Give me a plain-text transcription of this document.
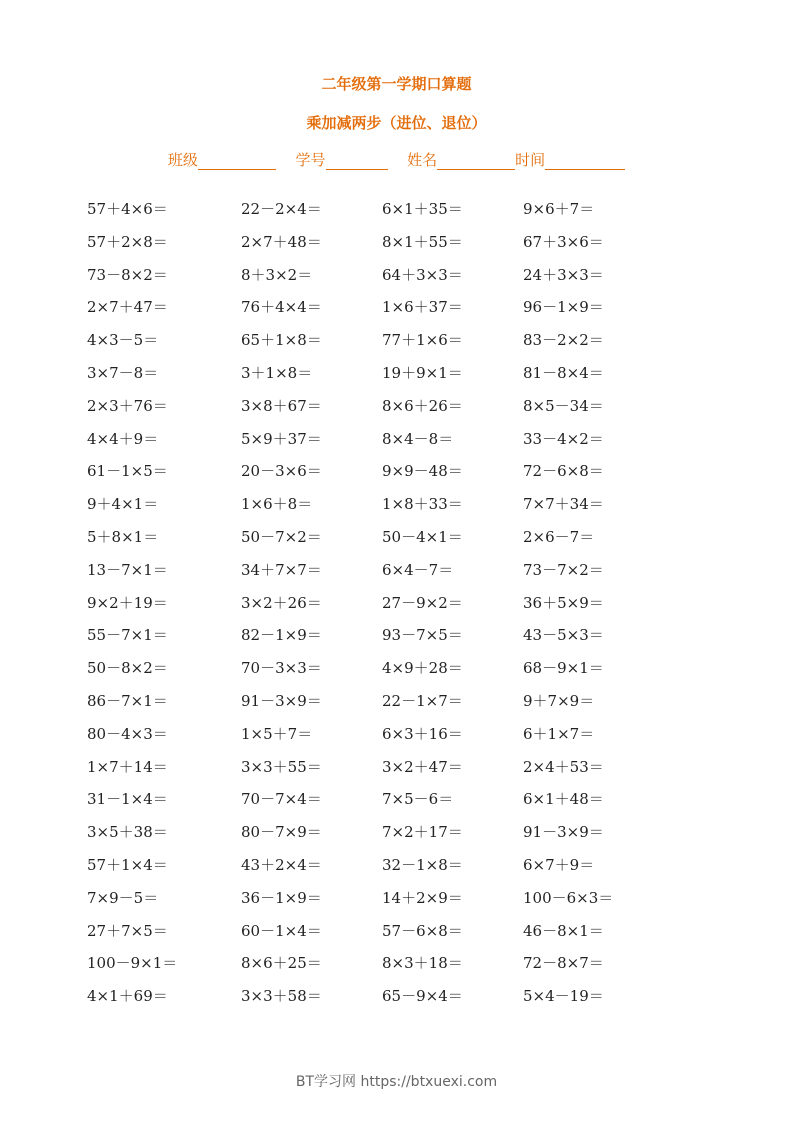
二年级第一学期口算题
乘加减两步（进位、退位）
班级	学号	姓名	时间
57＋4×6＝	22－2×4＝	6×1＋35＝	9×6＋7＝
57＋2×8＝	2×7＋48＝	8×1＋55＝	67＋3×6＝
73－8×2＝	8＋3×2＝	64＋3×3＝	24＋3×3＝
2×7＋47＝	76＋4×4＝	1×6＋37＝	96－1×9＝
4×3－5＝	65＋1×8＝	77＋1×6＝	83－2×2＝
3×7－8＝	3＋1×8＝	19＋9×1＝	81－8×4＝
2×3＋76＝	3×8＋67＝	8×6＋26＝	8×5－34＝
4×4＋9＝	5×9＋37＝	8×4－8＝	33－4×2＝
61－1×5＝	20－3×6＝	9×9－48＝	72－6×8＝
9＋4×1＝	1×6＋8＝	1×8＋33＝	7×7＋34＝
5＋8×1＝	50－7×2＝	50－4×1＝	2×6－7＝
13－7×1＝	34＋7×7＝	6×4－7＝	73－7×2＝
9×2＋19＝	3×2＋26＝	27－9×2＝	36＋5×9＝
55－7×1＝	82－1×9＝	93－7×5＝	43－5×3＝
50－8×2＝	70－3×3＝	4×9＋28＝	68－9×1＝
86－7×1＝	91－3×9＝	22－1×7＝	9＋7×9＝
80－4×3＝	1×5＋7＝	6×3＋16＝	6＋1×7＝
1×7＋14＝	3×3＋55＝	3×2＋47＝	2×4＋53＝
31－1×4＝	70－7×4＝	7×5－6＝	6×1＋48＝
3×5＋38＝	80－7×9＝	7×2＋17＝	91－3×9＝
57＋1×4＝	43＋2×4＝	32－1×8＝	6×7＋9＝
7×9－5＝	36－1×9＝	14＋2×9＝	100－6×3＝
27＋7×5＝	60－1×4＝	57－6×8＝	46－8×1＝
100－9×1＝	8×6＋25＝	8×3＋18＝	72－8×7＝
4×1＋69＝	3×3＋58＝	65－9×4＝	5×4－19＝
BT学习网 https://btxuexi.com
